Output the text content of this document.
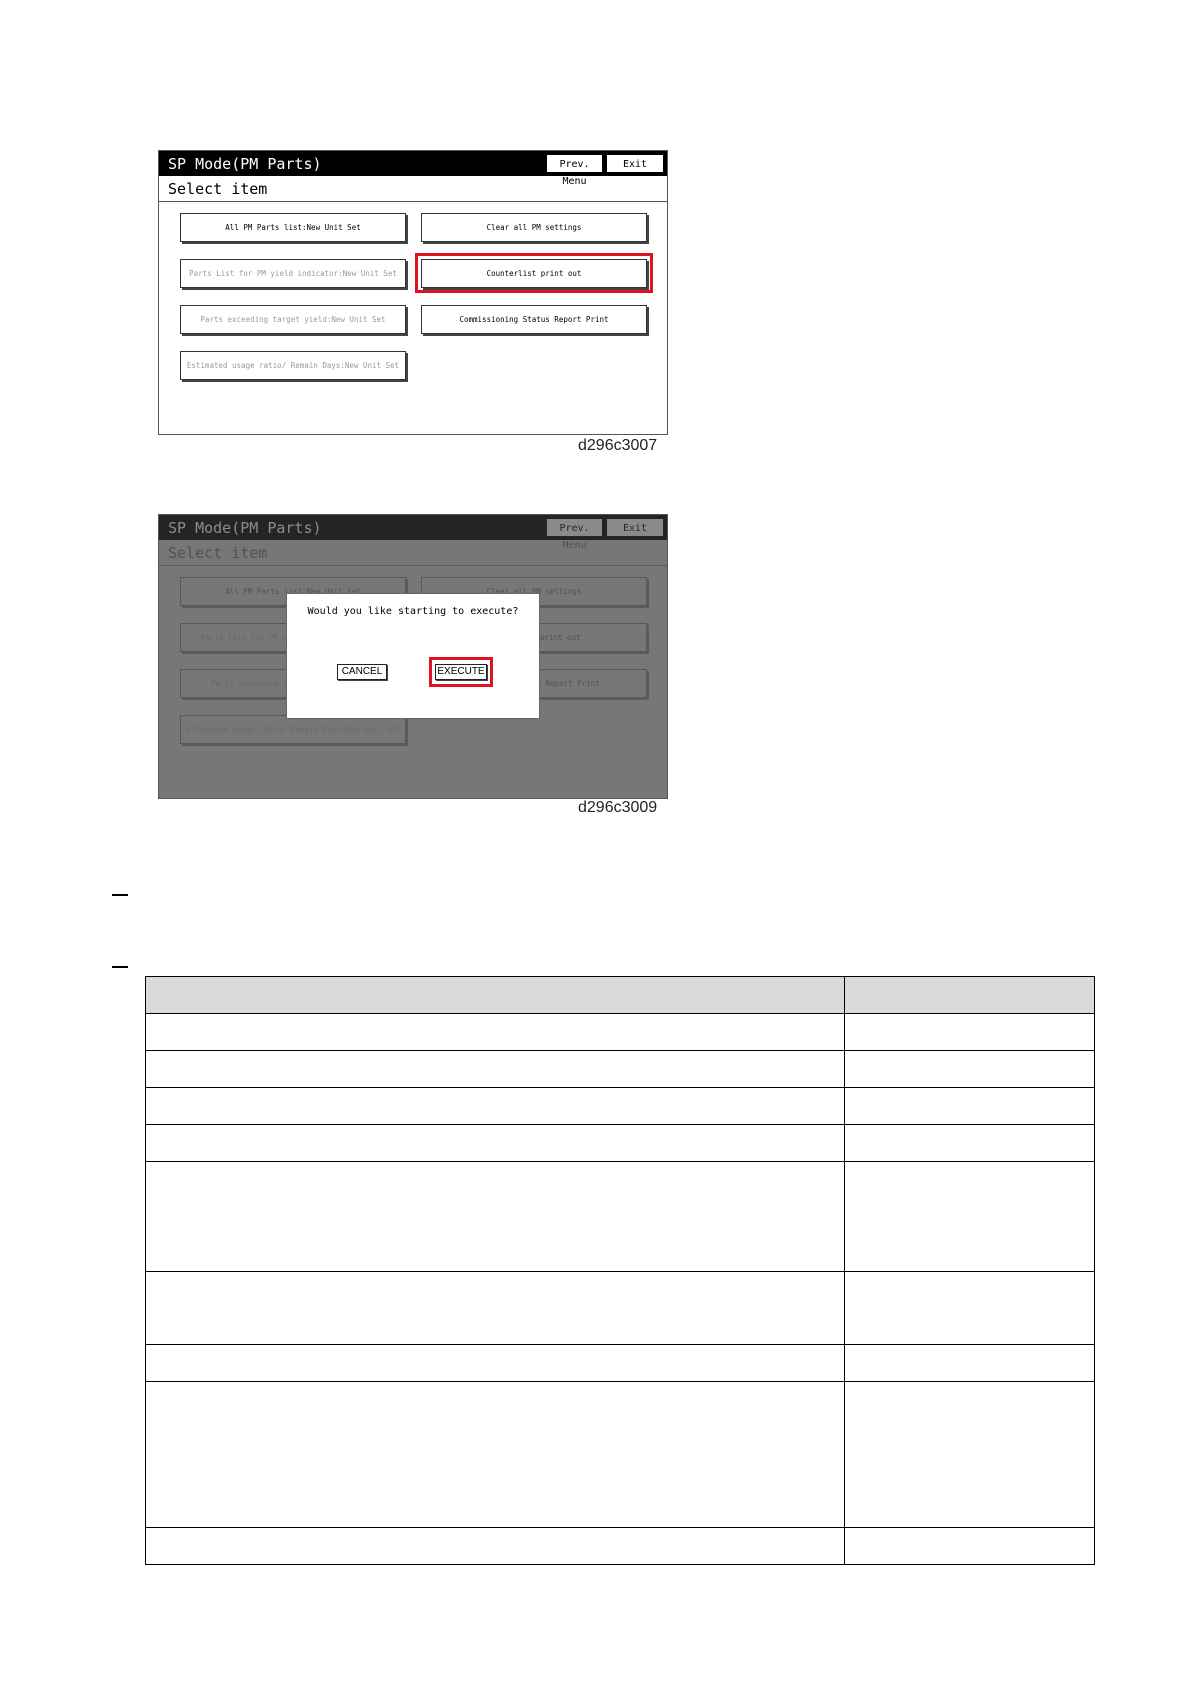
SP Mode(PM Parts)	Prev. Menu
Exit
Select item
All PM Parts list:New Unit Set	Clear all PM settings
Parts List for PM yield indicator:New Unit Set	Counterlist print out
Parts exceeding target yield:New Unit Set	Commissioning Status Report Print
Estimated usage ratio/ Remain Days:New Unit Set
d296c3007
Would you like starting to execute?
CANCEL	EXECUTE
d296c3009
